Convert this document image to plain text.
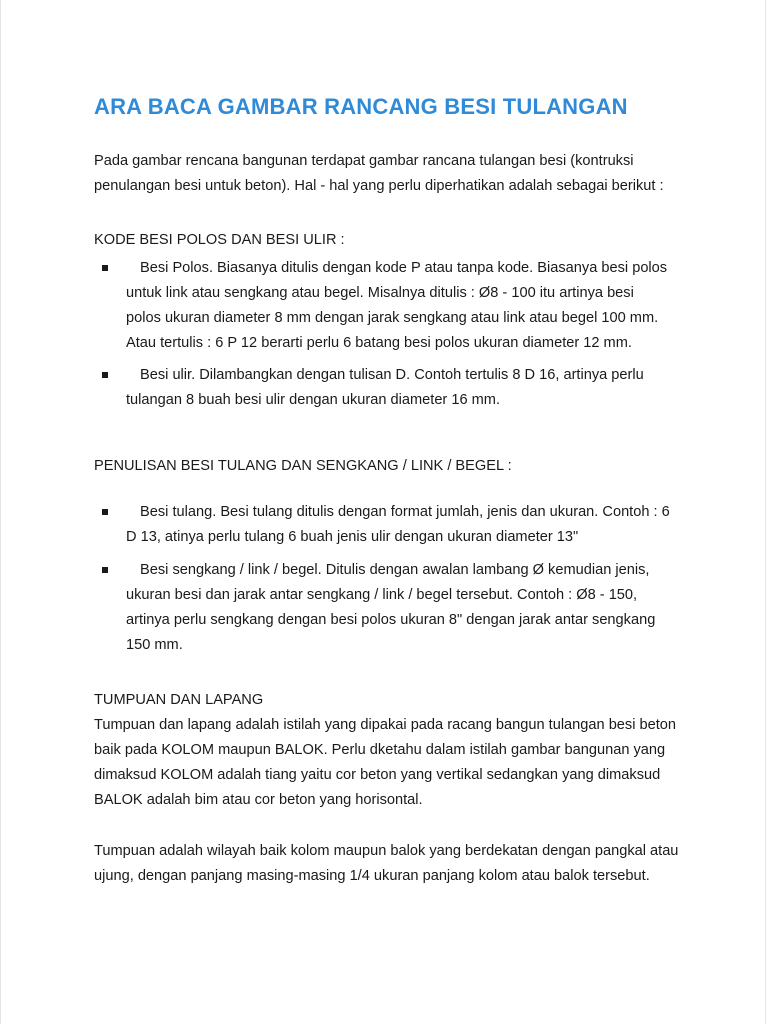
ARA BACA GAMBAR RANCANG BESI TULANGAN

Pada gambar rencana bangunan terdapat gambar rancana tulangan besi (kontruksi penulangan besi untuk beton). Hal - hal yang perlu diperhatikan adalah sebagai berikut :

KODE BESI POLOS DAN BESI ULIR :

Besi Polos. Biasanya ditulis dengan kode P atau tanpa kode. Biasanya besi polos untuk link atau sengkang atau begel. Misalnya ditulis : Ø8 - 100 itu artinya besi polos ukuran diameter 8 mm dengan jarak sengkang atau link atau begel 100 mm. Atau tertulis : 6 P 12 berarti perlu 6 batang besi polos ukuran diameter 12 mm.
Besi ulir. Dilambangkan dengan tulisan D. Contoh tertulis 8 D 16, artinya perlu tulangan 8 buah besi ulir dengan ukuran diameter 16 mm.

PENULISAN BESI TULANG DAN SENGKANG / LINK / BEGEL :

Besi tulang. Besi tulang ditulis dengan format jumlah, jenis dan ukuran. Contoh : 6 D 13, atinya perlu tulang 6 buah jenis ulir dengan ukuran diameter 13"
Besi sengkang / link / begel. Ditulis dengan awalan lambang Ø kemudian jenis, ukuran besi dan jarak antar sengkang / link / begel tersebut. Contoh : Ø8 - 150, artinya perlu sengkang dengan besi polos ukuran 8" dengan jarak antar sengkang 150 mm.

TUMPUAN DAN LAPANG

Tumpuan dan lapang adalah istilah yang dipakai pada racang bangun tulangan besi beton baik pada KOLOM maupun BALOK. Perlu dketahu dalam istilah gambar bangunan yang dimaksud KOLOM adalah tiang yaitu cor beton yang vertikal sedangkan yang dimaksud BALOK adalah bim atau cor beton yang horisontal.

Tumpuan adalah wilayah baik kolom maupun balok yang berdekatan dengan pangkal atau ujung, dengan panjang masing-masing 1/4 ukuran panjang kolom atau balok tersebut.
